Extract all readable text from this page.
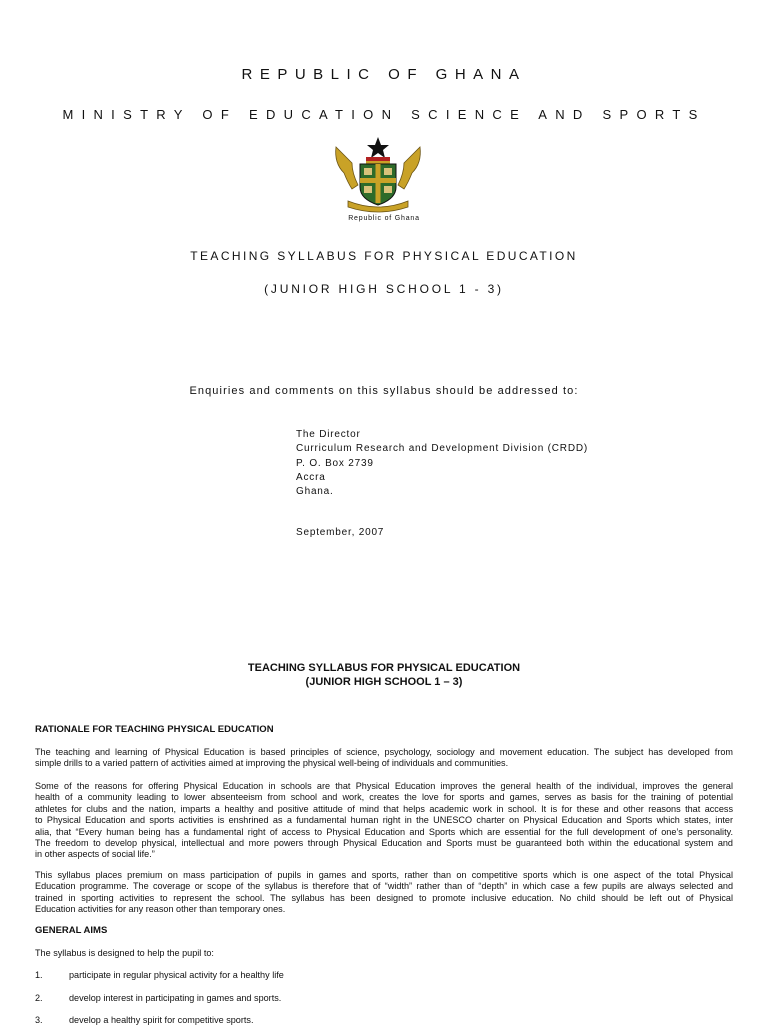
REPUBLIC OF GHANA
MINISTRY OF EDUCATION SCIENCE AND SPORTS
Republic of Ghana
TEACHING SYLLABUS FOR PHYSICAL EDUCATION
(JUNIOR HIGH SCHOOL 1 - 3)
Enquiries and comments on this syllabus should be addressed to:
The Director
Curriculum Research and Development Division (CRDD)
P. O. Box 2739
Accra
Ghana.
September, 2007
TEACHING SYLLABUS FOR PHYSICAL EDUCATION
(JUNIOR HIGH SCHOOL 1 – 3)
RATIONALE FOR TEACHING PHYSICAL EDUCATION
The teaching and learning of Physical Education is based principles of science, psychology, sociology and movement education. The subject has developed from
simple drills to a varied pattern of activities aimed at improving the physical well-being of individuals and communities.
Some of the reasons for offering Physical Education in schools are that Physical Education improves the general health of the individual, improves the general
health of a community leading to lower absenteeism from school and work, creates the love for sports and games, serves as basis for the training of potential
athletes for clubs and the nation, imparts a healthy and positive attitude of mind that helps academic work in school. It is for these and other reasons that access
to Physical Education and sports activities is enshrined as a fundamental human right in the UNESCO charter on Physical Education and Sports which states, inter
alia, that “Every human being has a fundamental right of access to Physical Education and Sports which are essential for the full development of one’s personality.
The freedom to develop physical, intellectual and more powers through Physical Education and Sports must be guaranteed both within the educational system and
in other aspects of social life.”
This syllabus places premium on mass participation of pupils in games and sports, rather than on competitive sports which is one aspect of the total Physical
Education programme. The coverage or scope of the syllabus is therefore that of “width” rather than of “depth” in which case a few pupils are always selected and
trained in sporting activities to represent the school. The syllabus has been designed to promote inclusive education. No child should be left out of Physical
Education activities for any reason other than temporary ones.
GENERAL AIMS
The syllabus is designed to help the pupil to:
1.	participate in regular physical activity for a healthy life
2.	develop interest in participating in games and sports.
3.	develop a healthy spirit for competitive sports.
